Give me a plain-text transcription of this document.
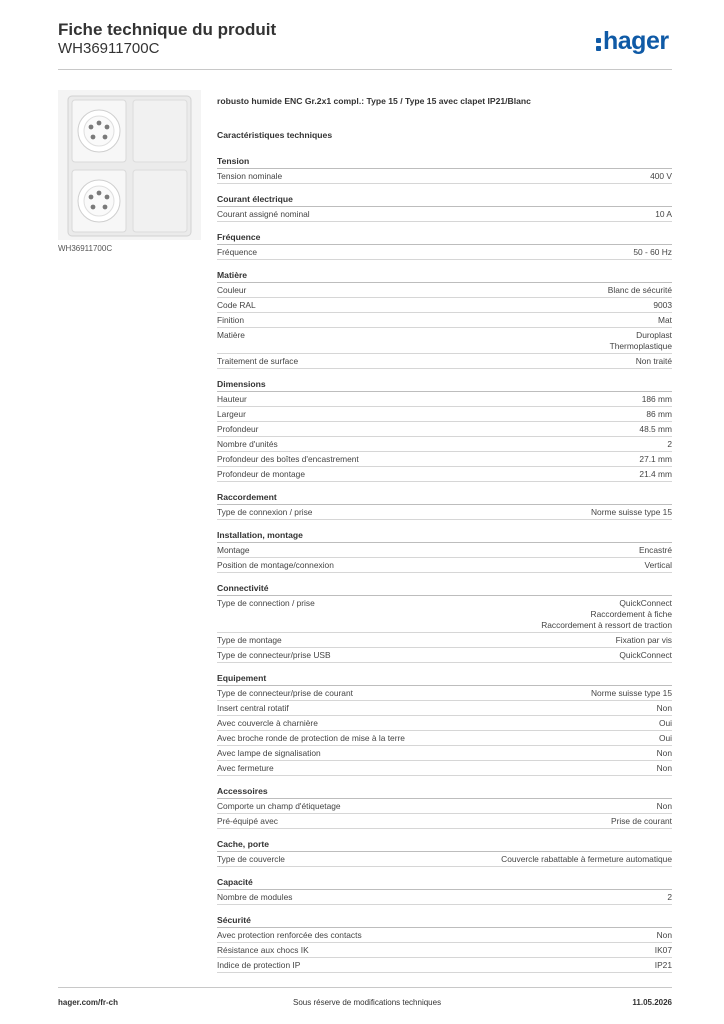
Fiche technique du produit
WH36911700C	hager
WH36911700C
robusto humide ENC Gr.2x1 compl.: Type 15 / Type 15 avec clapet IP21/Blanc
Caractéristiques techniques
Tension
Tension nominale	400 V
Courant électrique
Courant assigné nominal	10 A
Fréquence
Fréquence	50 - 60 Hz
Matière
Couleur	Blanc de sécurité
Code RAL	9003
Finition	Mat
Matière	Duroplast
Thermoplastique
Traitement de surface	Non traité
Dimensions
Hauteur	186 mm
Largeur	86 mm
Profondeur	48.5 mm
Nombre d'unités	2
Profondeur des boîtes d'encastrement	27.1 mm
Profondeur de montage	21.4 mm
Raccordement
Type de connexion / prise	Norme suisse type 15
Installation, montage
Montage	Encastré
Position de montage/connexion	Vertical
Connectivité
Type de connection / prise	QuickConnect
Raccordement à fiche
Raccordement à ressort de traction
Type de montage	Fixation par vis
Type de connecteur/prise USB	QuickConnect
Equipement
Type de connecteur/prise de courant	Norme suisse type 15
Insert central rotatif	Non
Avec couvercle à charnière	Oui
Avec broche ronde de protection de mise à la terre	Oui
Avec lampe de signalisation	Non
Avec fermeture	Non
Accessoires
Comporte un champ d'étiquetage	Non
Pré-équipé avec	Prise de courant
Cache, porte
Type de couvercle	Couvercle rabattable à fermeture automatique
Capacité
Nombre de modules	2
Sécurité
Avec protection renforcée des contacts	Non
Résistance aux chocs IK	IK07
Indice de protection IP	IP21
hager.com/fr-ch	Sous réserve de modifications techniques	11.05.2026
